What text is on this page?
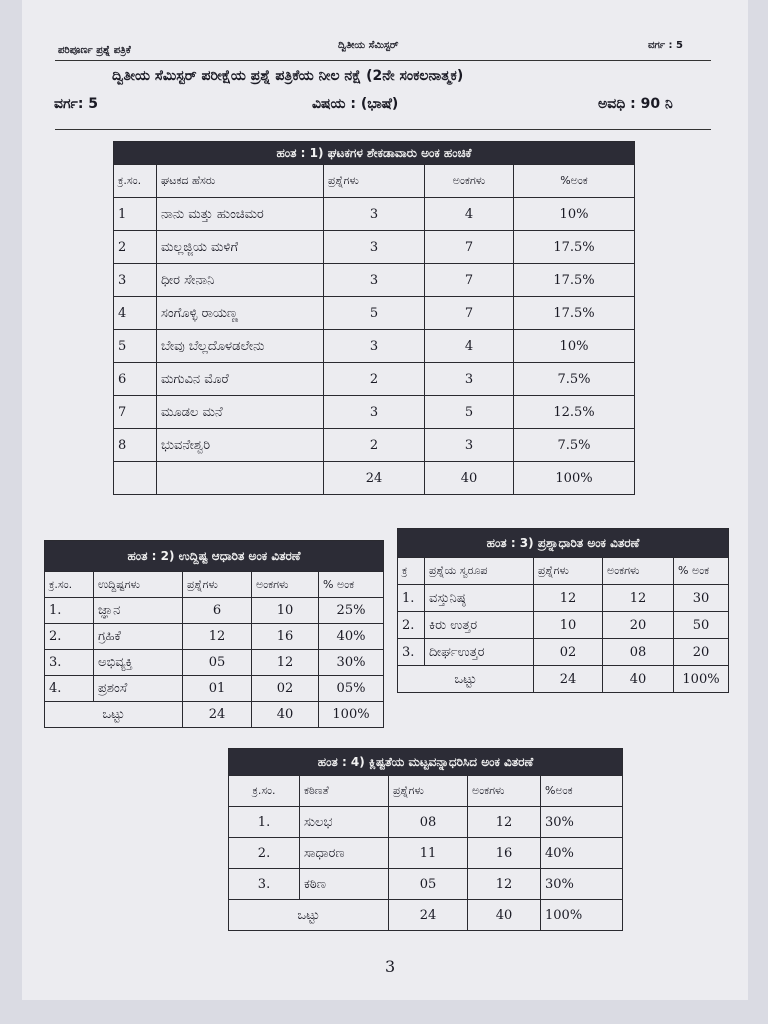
ಪರಿಪೂರ್ಣ ಪ್ರಶ್ನೆ ಪತ್ರಿಕೆ	ದ್ವಿತೀಯ ಸೆಮಿಸ್ಟರ್	ವರ್ಗ : 5
ದ್ವಿತೀಯ ಸೆಮಿಸ್ಟರ್ ಪರೀಕ್ಷೆಯ ಪ್ರಶ್ನೆ ಪತ್ರಿಕೆಯ ನೀಲ ನಕ್ಷೆ (2ನೇ ಸಂಕಲನಾತ್ಮಕ)
ವರ್ಗ: 5	ವಿಷಯ : (ಭಾಷೆ)	ಅವಧಿ : 90 ನಿ
ಹಂತ : 1) ಘಟಕಗಳ ಶೇಕಡಾವಾರು ಅಂಕ ಹಂಚಿಕೆ				
ಕ್ರ.ಸಂ.	ಘಟಕದ ಹೆಸರು	ಪ್ರಶ್ನೆಗಳು	ಅಂಕಗಳು	%ಅಂಕ
1	ನಾನು ಮತ್ತು ಹುಂಚಿಮರ	3	4	10%
2	ಮಲ್ಲಜ್ಜಿಯ ಮಳಿಗೆ	3	7	17.5%
3	ಧೀರ ಸೇನಾನಿ	3	7	17.5%
4	ಸಂಗೊಳ್ಳಿ ರಾಯಣ್ಣ	5	7	17.5%
5	ಬೇವು ಬೆಲ್ಲದೊಳಡಲೇನು	3	4	10%
6	ಮಗುವಿನ ಮೊರೆ	2	3	7.5%
7	ಮೂಡಲ ಮನೆ	3	5	12.5%
8	ಭುವನೇಶ್ವರಿ	2	3	7.5%
		24	40	100%
ಹಂತ : 2) ಉದ್ದಿಷ್ಟ ಆಧಾರಿತ ಅಂಕ ವಿತರಣೆ				
ಕ್ರ.ಸಂ.	ಉದ್ದಿಷ್ಟಗಳು	ಪ್ರಶ್ನೆಗಳು	ಅಂಕಗಳು	% ಅಂಕ
1.	ಜ್ಞಾನ	6	10	25%
2.	ಗ್ರಹಿಕೆ	12	16	40%
3.	ಅಭಿವ್ಯಕ್ತಿ	05	12	30%
4.	ಪ್ರಶಂಸೆ	01	02	05%
ಒಟ್ಟು		24	40	100%
ಹಂತ : 3) ಪ್ರಶ್ನಾಧಾರಿತ ಅಂಕ ವಿತರಣೆ				
ಕ್ರ	ಪ್ರಶ್ನೆಯ ಸ್ವರೂಪ	ಪ್ರಶ್ನೆಗಳು	ಅಂಕಗಳು	% ಅಂಕ
1.	ವಸ್ತುನಿಷ್ಠ	12	12	30
2.	ಕಿರು ಉತ್ತರ	10	20	50
3.	ದೀರ್ಘಉತ್ತರ	02	08	20
ಒಟ್ಟು		24	40	100%
ಹಂತ : 4) ಕ್ಲಿಷ್ಟತೆಯ ಮಟ್ಟವನ್ನಾಧರಿಸಿದ ಅಂಕ ವಿತರಣೆ				
ಕ್ರ.ಸಂ.	ಕಠಿಣತೆ	ಪ್ರಶ್ನೆಗಳು	ಅಂಕಗಳು	%ಅಂಕ
1.	ಸುಲಭ	08	12	30%
2.	ಸಾಧಾರಣ	11	16	40%
3.	ಕಠಿಣ	05	12	30%
ಒಟ್ಟು		24	40	100%
3
